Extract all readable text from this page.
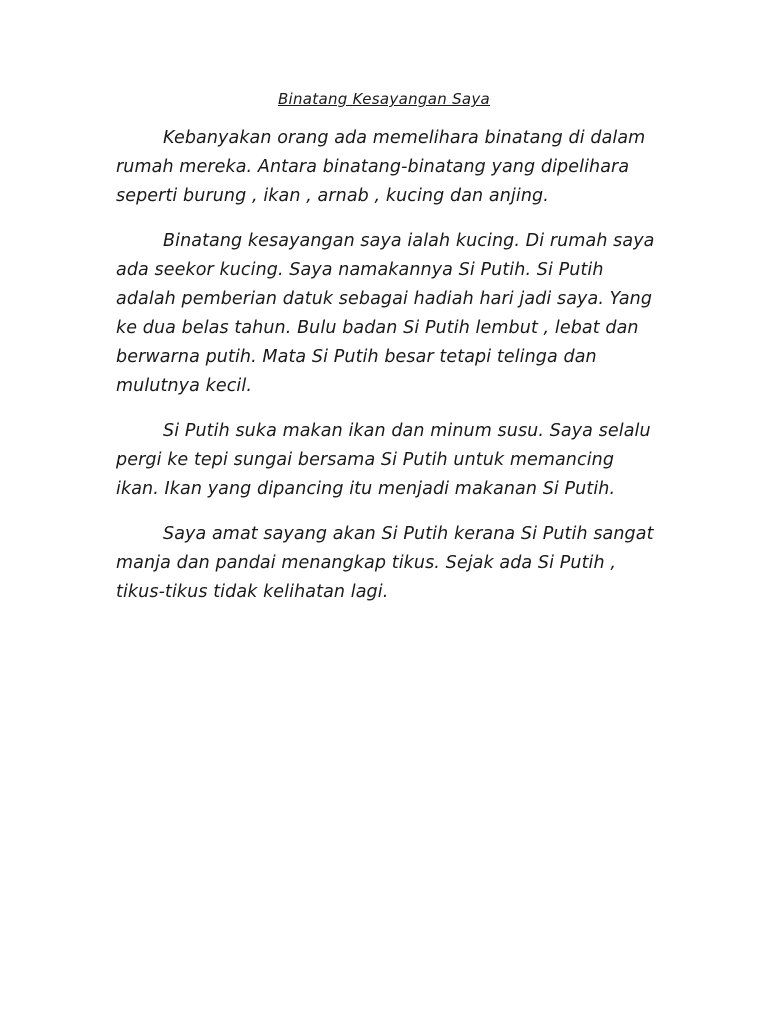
Binatang Kesayangan Saya

Kebanyakan orang ada memelihara binatang di dalam rumah mereka. Antara binatang-binatang yang dipelihara seperti burung , ikan , arnab , kucing dan anjing.

Binatang kesayangan saya ialah kucing. Di rumah saya ada seekor kucing. Saya namakannya Si Putih. Si Putih adalah pemberian datuk sebagai hadiah hari jadi saya. Yang ke dua belas tahun. Bulu badan Si Putih lembut , lebat dan berwarna putih. Mata Si Putih besar tetapi telinga dan mulutnya kecil.

Si Putih suka makan ikan dan minum susu. Saya selalu pergi ke tepi sungai bersama Si Putih untuk memancing ikan. Ikan yang dipancing itu menjadi makanan Si Putih.

Saya amat sayang akan Si Putih kerana Si Putih sangat manja dan pandai menangkap tikus. Sejak ada Si Putih , tikus-tikus tidak kelihatan lagi.
